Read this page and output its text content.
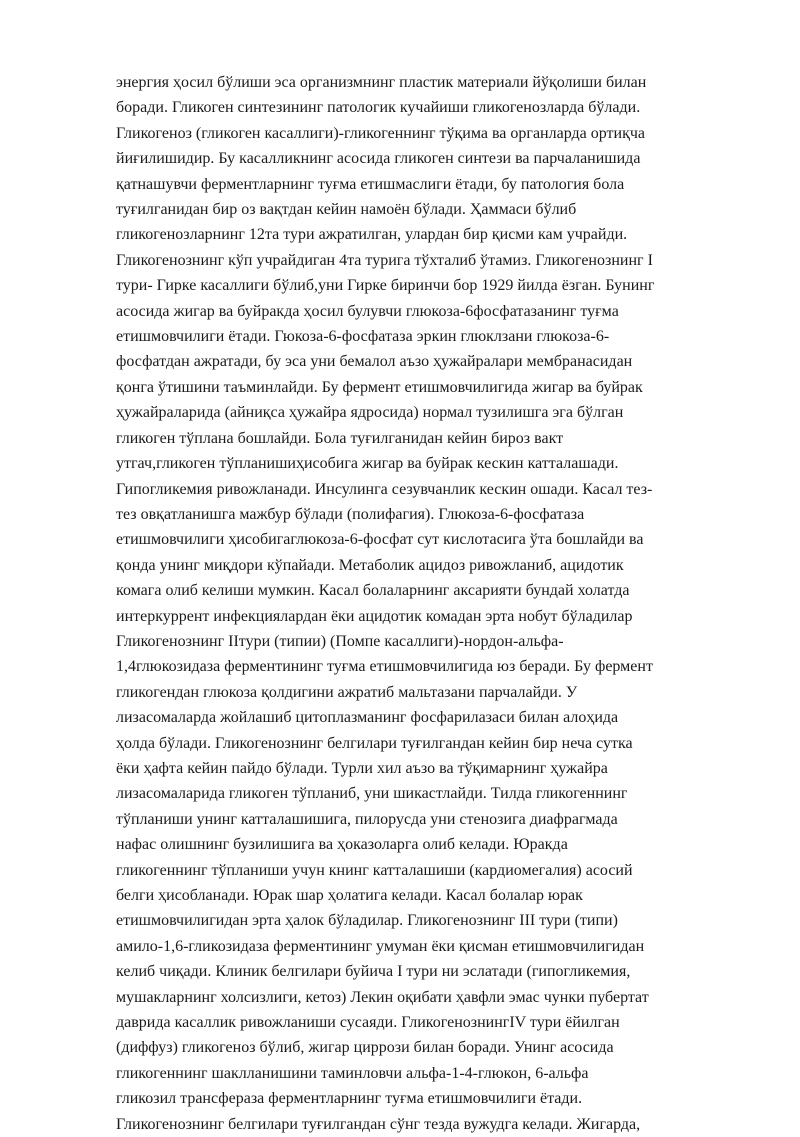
энергия ҳосил бўлиши эса организмнинг пластик материали йўқолиши билан

боради. Гликоген синтезининг патологик кучайиши гликогенозларда бўлади.

Гликогеноз (гликоген касаллиги)-гликогеннинг тўқима ва органларда ортиқча

йиғилишидир. Бу касалликнинг асосида гликоген синтези ва парчаланишида

қатнашувчи ферментларнинг туғма етишмаслиги ётади, бу патология бола

туғилганидан бир оз вақтдан кейин намоён бўлади. Ҳаммаси бўлиб

гликогенозларнинг 12та тури ажратилган, улардан бир қисми кам учрайди.

Гликогенознинг кўп учрайдиган 4та турига тўхталиб ўтамиз. Гликогенознинг I

тури- Гирке касаллиги бўлиб,уни Гирке биринчи бор 1929 йилда ёзган. Бунинг

асосида жигар ва буйракда ҳосил булувчи глюкоза-6фосфатазанинг туғма

етишмовчилиги ётади. Гюкоза-6-фосфатаза эркин глюклзани глюкоза-6-

фосфатдан ажратади, бу эса уни бемалол аъзо ҳужайралари мембранасидан

қонга ўтишини таъминлайди. Бу фермент етишмовчилигида жигар ва буйрак

ҳужайраларида (айниқса ҳужайра ядросида) нормал тузилишга эга бўлган

гликоген тўплана бошлайди. Бола туғилганидан кейин бироз вакт

утгач,гликоген тўпланишиҳисобига жигар ва буйрак кескин катталашади.

Гипогликемия ривожланади. Инсулинга сезувчанлик кескин ошади. Касал тез-

тез овқатланишга мажбур бўлади (полифагия). Глюкоза-6-фосфатаза

етишмовчилиги ҳисобигаглюкоза-6-фосфат сут кислотасига ўта бошлайди ва

қонда унинг миқдори кўпайади. Метаболик ацидоз ривожланиб, ацидотик

комага олиб келиши мумкин. Касал болаларнинг аксарияти бундай холатда

интеркуррент инфекциялардан ёки ацидотик комадан эрта нобут бўладилар

Гликогенознинг IIтури (типии) (Помпе касаллиги)-нордон-альфа-

1,4глюкозидаза ферментининг туғма етишмовчилигида юз беради. Бу фермент

гликогендан глюкоза қолдигини ажратиб мальтазани парчалайди. У

лизасомаларда жойлашиб цитоплазманинг фосфарилазаси билан алоҳида

ҳолда бўлади. Гликогенознинг белгилари туғилгандан кейин бир неча сутка

ёки ҳафта кейин пайдо бўлади. Турли хил аъзо ва тўқимарнинг ҳужайра

лизасомаларида гликоген тўпланиб, уни шикастлайди. Тилда гликогеннинг

тўпланиши унинг катталашишига, пилорусда уни стенозига диафрагмада

нафас олишнинг бузилишига ва ҳоказоларга олиб келади. Юракда

гликогеннинг тўпланиши учун книнг катталашиши (кардиомегалия) асосий

белги ҳисобланади. Юрак шар ҳолатига келади. Касал болалар юрак

етишмовчилигидан эрта ҳалок бўладилар. Гликогенознинг III тури (типи)

амило-1,6-гликозидаза ферментининг умуман ёки қисман етишмовчилигидан

келиб чиқади. Клиник белгилари буйича I тури ни эслатади (гипогликемия,

мушакларнинг холсизлиги, кетоз) Лекин оқибати ҳавфли эмас чунки пубертат

даврида касаллик ривожланиши сусаяди. ГликогенознингIV тури ёйилган

(диффуз) гликогеноз бўлиб, жигар циррози билан боради. Унинг асосида

гликогеннинг шаклланишини таминловчи альфа-1-4-глюкон, 6-альфа

гликозил трансфераза ферментларнинг туғма етишмовчилиги ётади.

Гликогенознинг белгилари туғилгандан сўнг тезда вужудга келади. Жигарда,
